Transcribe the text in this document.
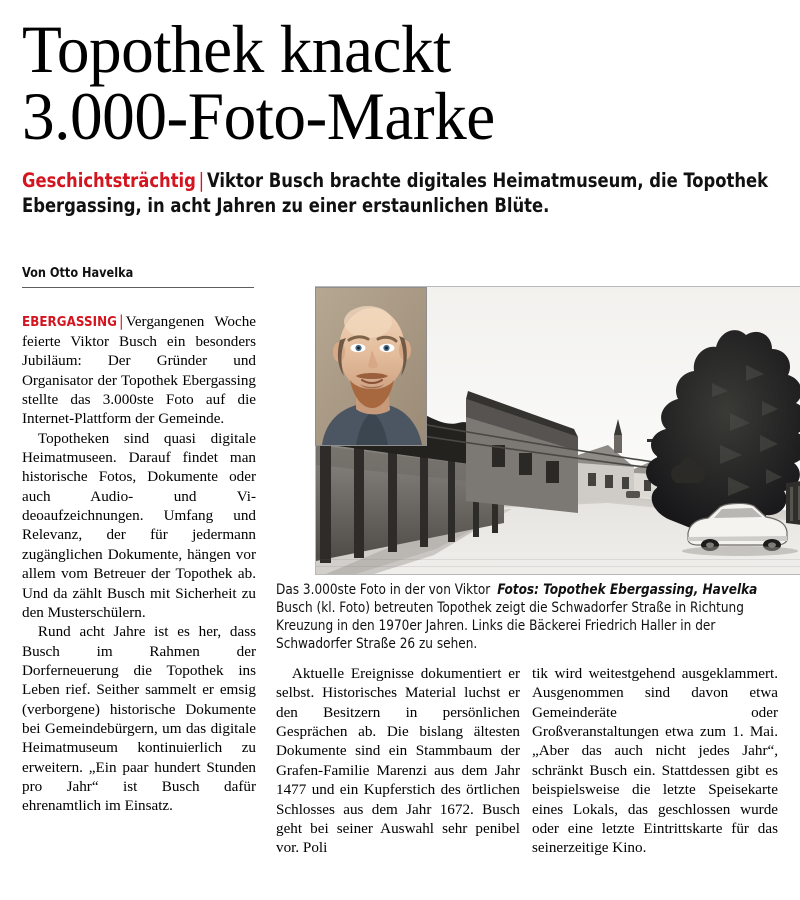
Topothek knackt
3.000-Foto-Marke

Geschichtsträchtig | Viktor Busch brachte digitales Heimatmuseum, die Topothek Ebergassing, in acht Jahren zu einer erstaunlichen Blüte.

Von Otto Havelka

Fotos: Topothek Ebergassing, Havelka
Das 3.000ste Foto in der von Viktor Busch (kl. Foto) betreuten Topothek zeigt die Schwadorfer Straße in Richtung Kreuzung in den 1970er Jahren. Links die Bäckerei Friedrich Haller in der Schwadorfer Straße 26 zu sehen.

EBERGASSING | Vergangenen Woche feierte Viktor Busch ein besonders Jubiläum: Der Gründer und Organisator der Topothek Ebergassing stellte das 3.000ste Foto auf die Internet-Plattform der Gemeinde.

Topotheken sind quasi digitale Heimatmuseen. Darauf findet man historische Fotos, Dokumente oder auch Audio- und Videoaufzeichnungen. Umfang und Relevanz, der für jedermann zugänglichen Dokumente, hängen vor allem vom Betreuer der Topothek ab. Und da zählt Busch mit Sicherheit zu den Musterschülern.

Rund acht Jahre ist es her, dass Busch im Rahmen der Dorferneuerung die Topothek ins Leben rief. Seither sammelt er emsig (verborgene) historische Dokumente bei Gemeindebürgern, um das digitale Heimatmuseum kontinuierlich zu erweitern. „Ein paar hundert Stunden pro Jahr“ ist Busch dafür ehrenamtlich im Einsatz.

Aktuelle Ereignisse dokumentiert er selbst. Historisches Material luchst er den Besitzern in persönlichen Gesprächen ab. Die bislang ältesten Dokumente sind ein Stammbaum der Grafen-Familie Marenzi aus dem Jahr 1477 und ein Kupferstich des örtlichen Schlosses aus dem Jahr 1672. Busch geht bei seiner Auswahl sehr penibel vor. Poli

tik wird weitestgehend ausgeklammert. Ausgenommen sind davon etwa Gemeinderäte oder Großveranstaltungen etwa zum 1. Mai. „Aber das auch nicht jedes Jahr“, schränkt Busch ein. Stattdessen gibt es beispielsweise die letzte Speisekarte eines Lokals, das geschlossen wurde oder eine letzte Eintrittskarte für das seinerzeitige Kino.
